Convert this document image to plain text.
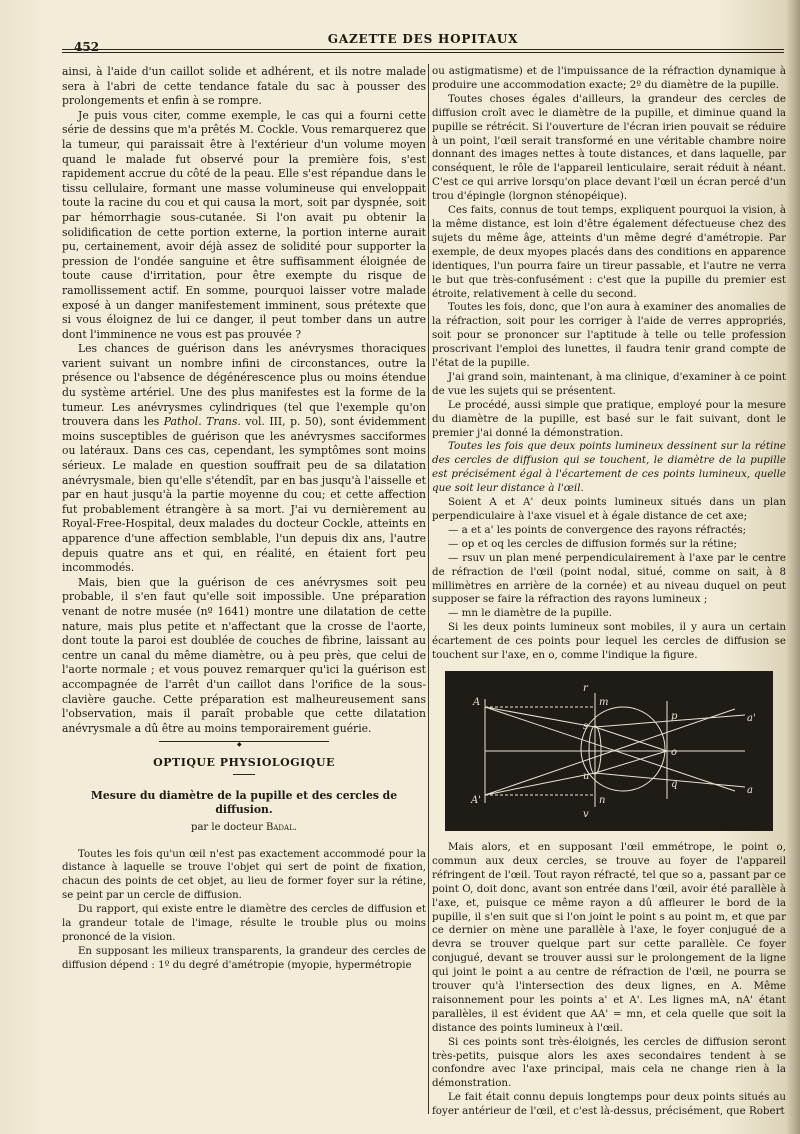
452
GAZETTE DES HOPITAUX

ainsi, à l'aide d'un caillot solide et adhérent, et ils notre malade sera à l'abri de cette tendance fatale du sac à pousser des prolongements et enfin à se rompre.

Je puis vous citer, comme exemple, le cas qui a fourni cette série de dessins que m'a prêtés M. Cockle. Vous remarquerez que la tumeur, qui paraissait être à l'extérieur d'un volume moyen quand le malade fut observé pour la première fois, s'est rapidement accrue du côté de la peau. Elle s'est répandue dans le tissu cellulaire, formant une masse volumineuse qui enveloppait toute la racine du cou et qui causa la mort, soit par dyspnée, soit par hémorrhagie sous-cutanée. Si l'on avait pu obtenir la solidification de cette portion externe, la portion interne aurait pu, certainement, avoir déjà assez de solidité pour supporter la pression de l'ondée sanguine et être suffisamment éloignée de toute cause d'irritation, pour être exempte du risque de ramollissement actif. En somme, pourquoi laisser votre malade exposé à un danger manifestement imminent, sous prétexte que si vous éloignez de lui ce danger, il peut tomber dans un autre dont l'imminence ne vous est pas prouvée ?

Les chances de guérison dans les anévrysmes thoraciques varient suivant un nombre infini de circonstances, outre la présence ou l'absence de dégénérescence plus ou moins étendue du système artériel. Une des plus manifestes est la forme de la tumeur. Les anévrysmes cylindriques (tel que l'exemple qu'on trouvera dans les Pathol. Trans. vol. III, p. 50), sont évidemment moins susceptibles de guérison que les anévrysmes sacciformes ou latéraux. Dans ces cas, cependant, les symptômes sont moins sérieux. Le malade en question souffrait peu de sa dilatation anévrysmale, bien qu'elle s'étendît, par en bas jusqu'à l'aisselle et par en haut jusqu'à la partie moyenne du cou; et cette affection fut probablement étrangère à sa mort. J'ai vu dernièrement au Royal-Free-Hospital, deux malades du docteur Cockle, atteints en apparence d'une affection semblable, l'un depuis dix ans, l'autre depuis quatre ans et qui, en réalité, en étaient fort peu incommodés.

Mais, bien que la guérison de ces anévrysmes soit peu probable, il s'en faut qu'elle soit impossible. Une préparation venant de notre musée (nº 1641) montre une dilatation de cette nature, mais plus petite et n'affectant que la crosse de l'aorte, dont toute la paroi est doublée de couches de fibrine, laissant au centre un canal du même diamètre, ou à peu près, que celui de l'aorte normale ; et vous pouvez remarquer qu'ici la guérison est accompagnée de l'arrêt d'un caillot dans l'orifice de la sous-clavière gauche. Cette préparation est malheureusement sans l'observation, mais il paraît probable que cette dilatation anévrysmale a dû être au moins temporairement guérie.

◆
OPTIQUE PHYSIOLOGIQUE
Mesure du diamètre de la pupille et des cercles de diffusion.
par le docteur Badal.

Toutes les fois qu'un œil n'est pas exactement accommodé pour la distance à laquelle se trouve l'objet qui sert de point de fixation, chacun des points de cet objet, au lieu de former foyer sur la rétine, se peint par un cercle de diffusion.

Du rapport, qui existe entre le diamètre des cercles de diffusion et la grandeur totale de l'image, résulte le trouble plus ou moins prononcé de la vision.

En supposant les milieux transparents, la grandeur des cercles de diffusion dépend : 1º du degré d'amétropie (myopie, hypermétropie

ou astigmatisme) et de l'impuissance de la réfraction dynamique à produire une accommodation exacte; 2º du diamètre de la pupille.

Toutes choses égales d'ailleurs, la grandeur des cercles de diffusion croît avec le diamètre de la pupille, et diminue quand la pupille se rétrécit. Si l'ouverture de l'écran irien pouvait se réduire à un point, l'œil serait transformé en une véritable chambre noire donnant des images nettes à toute distances, et dans laquelle, par conséquent, le rôle de l'appareil lenticulaire, serait réduit à néant. C'est ce qui arrive lorsqu'on place devant l'œil un écran percé d'un trou d'épingle (lorgnon sténopéique).

Ces faits, connus de tout temps, expliquent pourquoi la vision, à la même distance, est loin d'être également défectueuse chez des sujets du même âge, atteints d'un même degré d'amétropie. Par exemple, de deux myopes placés dans des conditions en apparence identiques, l'un pourra faire un tireur passable, et l'autre ne verra le but que très-confusément : c'est que la pupille du premier est étroite, relativement à celle du second.

Toutes les fois, donc, que l'on aura à examiner des anomalies de la réfraction, soit pour les corriger à l'aide de verres appropriés, soit pour se prononcer sur l'aptitude à telle ou telle profession proscrivant l'emploi des lunettes, il faudra tenir grand compte de l'état de la pupille.

J'ai grand soin, maintenant, à ma clinique, d'examiner à ce point de vue les sujets qui se présentent.

Le procédé, aussi simple que pratique, employé pour la mesure du diamètre de la pupille, est basé sur le fait suivant, dont le premier j'ai donné la démonstration.

Toutes les fois que deux points lumineux dessinent sur la rétine des cercles de diffusion qui se touchent, le diamètre de la pupille est précisément égal à l'écartement de ces points lumineux, quelle que soit leur distance à l'œil.

Soient A et A' deux points lumineux situés dans un plan perpendiculaire à l'axe visuel et à égale distance de cet axe;

— a et a' les points de convergence des rayons réfractés;

— op et oq les cercles de diffusion formés sur la rétine;

— rsuv un plan mené perpendiculairement à l'axe par le centre de réfraction de l'œil (point nodal, situé, comme on sait, à 8 millimètres en arrière de la cornée) et au niveau duquel on peut supposer se faire la réfraction des rayons lumineux ;

— mn le diamètre de la pupille.

Si les deux points lumineux sont mobiles, il y aura un certain écartement de ces points pour lequel les cercles de diffusion se touchent sur l'axe, en o, comme l'indique la figure.

A
A'
a'
a
o
p
q
m
n
r
s
u
v

Mais alors, et en supposant l'œil emmétrope, le point o, commun aux deux cercles, se trouve au foyer de l'appareil réfringent de l'œil. Tout rayon réfracté, tel que so a, passant par ce point O, doit donc, avant son entrée dans l'œil, avoir été parallèle à l'axe, et, puisque ce même rayon a dû affleurer le bord de la pupille, il s'en suit que si l'on joint le point s au point m, et que par ce dernier on mène une parallèle à l'axe, le foyer conjugué de a devra se trouver quelque part sur cette parallèle. Ce foyer conjugué, devant se trouver aussi sur le prolongement de la ligne qui joint le point a au centre de réfraction de l'œil, ne pourra se trouver qu'à l'intersection des deux lignes, en A. Même raisonnement pour les points a' et A'. Les lignes mA, nA' étant parallèles, il est évident que AA' = mn, et cela quelle que soit la distance des points lumineux à l'œil.

Si ces points sont très-éloignés, les cercles de diffusion seront très-petits, puisque alors les axes secondaires tendent à se confondre avec l'axe principal, mais cela ne change rien à la démonstration.

Le fait était connu depuis longtemps pour deux points situés au foyer antérieur de l'œil, et c'est là-dessus, précisément, que Robert
